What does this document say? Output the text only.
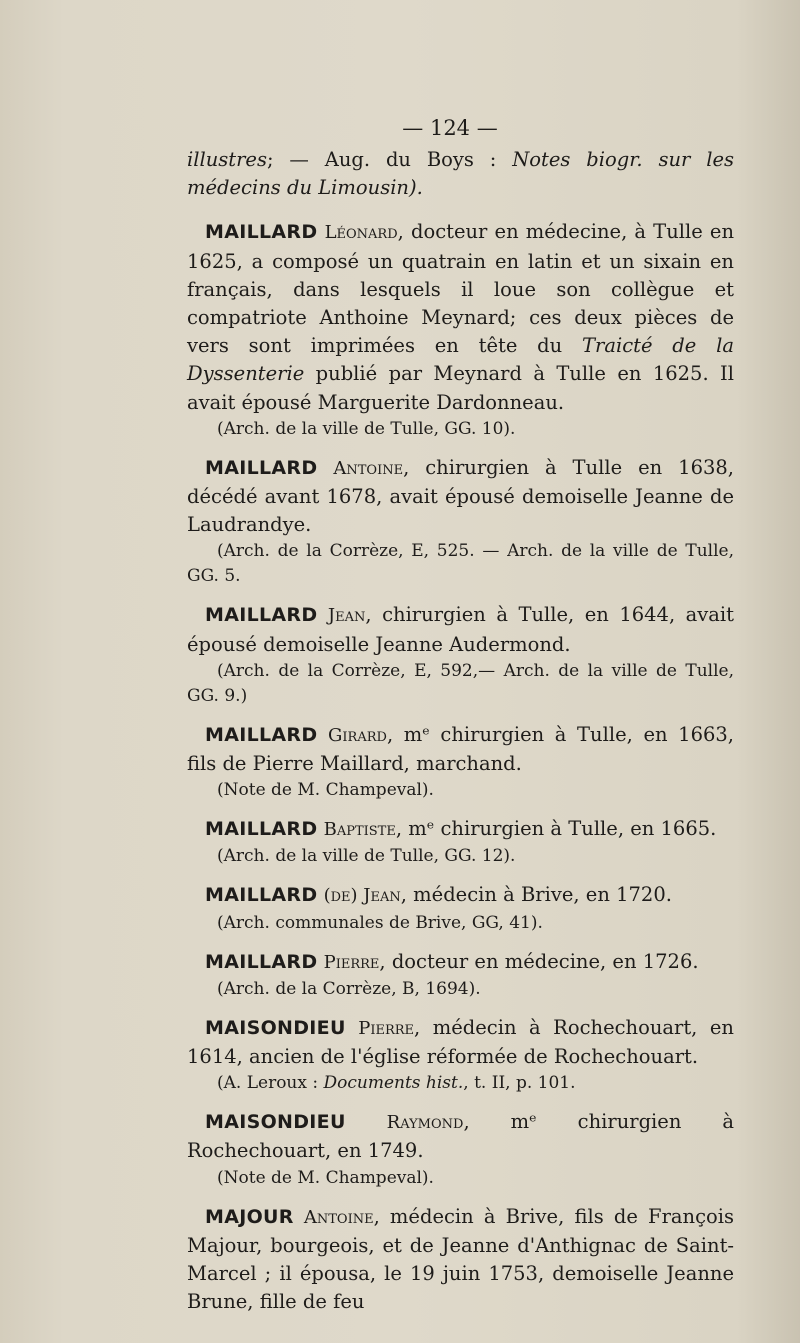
— 124 —

illustres; — Aug. du Boys : Notes biogr. sur les médecins du Limousin).

MAILLARD Léonard, docteur en médecine, à Tulle en 1625, a composé un quatrain en latin et un sixain en français, dans lesquels il loue son collègue et compatriote Anthoine Meynard; ces deux pièces de vers sont imprimées en tête du Traicté de la Dyssenterie publié par Meynard à Tulle en 1625. Il avait épousé Marguerite Dardonneau.

(Arch. de la ville de Tulle, GG. 10).

MAILLARD Antoine, chirurgien à Tulle en 1638, décédé avant 1678, avait épousé demoiselle Jeanne de Laudrandye.

(Arch. de la Corrèze, E, 525. — Arch. de la ville de Tulle, GG. 5.

MAILLARD Jean, chirurgien à Tulle, en 1644, avait épousé demoiselle Jeanne Audermond.

(Arch. de la Corrèze, E, 592,— Arch. de la ville de Tulle, GG. 9.)

MAILLARD Girard, mᵉ chirurgien à Tulle, en 1663, fils de Pierre Maillard, marchand.

(Note de M. Champeval).

MAILLARD Baptiste, mᵉ chirurgien à Tulle, en 1665.

(Arch. de la ville de Tulle, GG. 12).

MAILLARD (de) Jean, médecin à Brive, en 1720.

(Arch. communales de Brive, GG, 41).

MAILLARD Pierre, docteur en médecine, en 1726.

(Arch. de la Corrèze, B, 1694).

MAISONDIEU Pierre, médecin à Rochechouart, en 1614, ancien de l'église réformée de Rochechouart.

(A. Leroux : Documents hist., t. II, p. 101.

MAISONDIEU Raymond, mᵉ chirurgien à Rochechouart, en 1749.

(Note de M. Champeval).

MAJOUR Antoine, médecin à Brive, fils de François Majour, bourgeois, et de Jeanne d'Anthignac de Saint-Marcel ; il épousa, le 19 juin 1753, demoiselle Jeanne Brune, fille de feu
